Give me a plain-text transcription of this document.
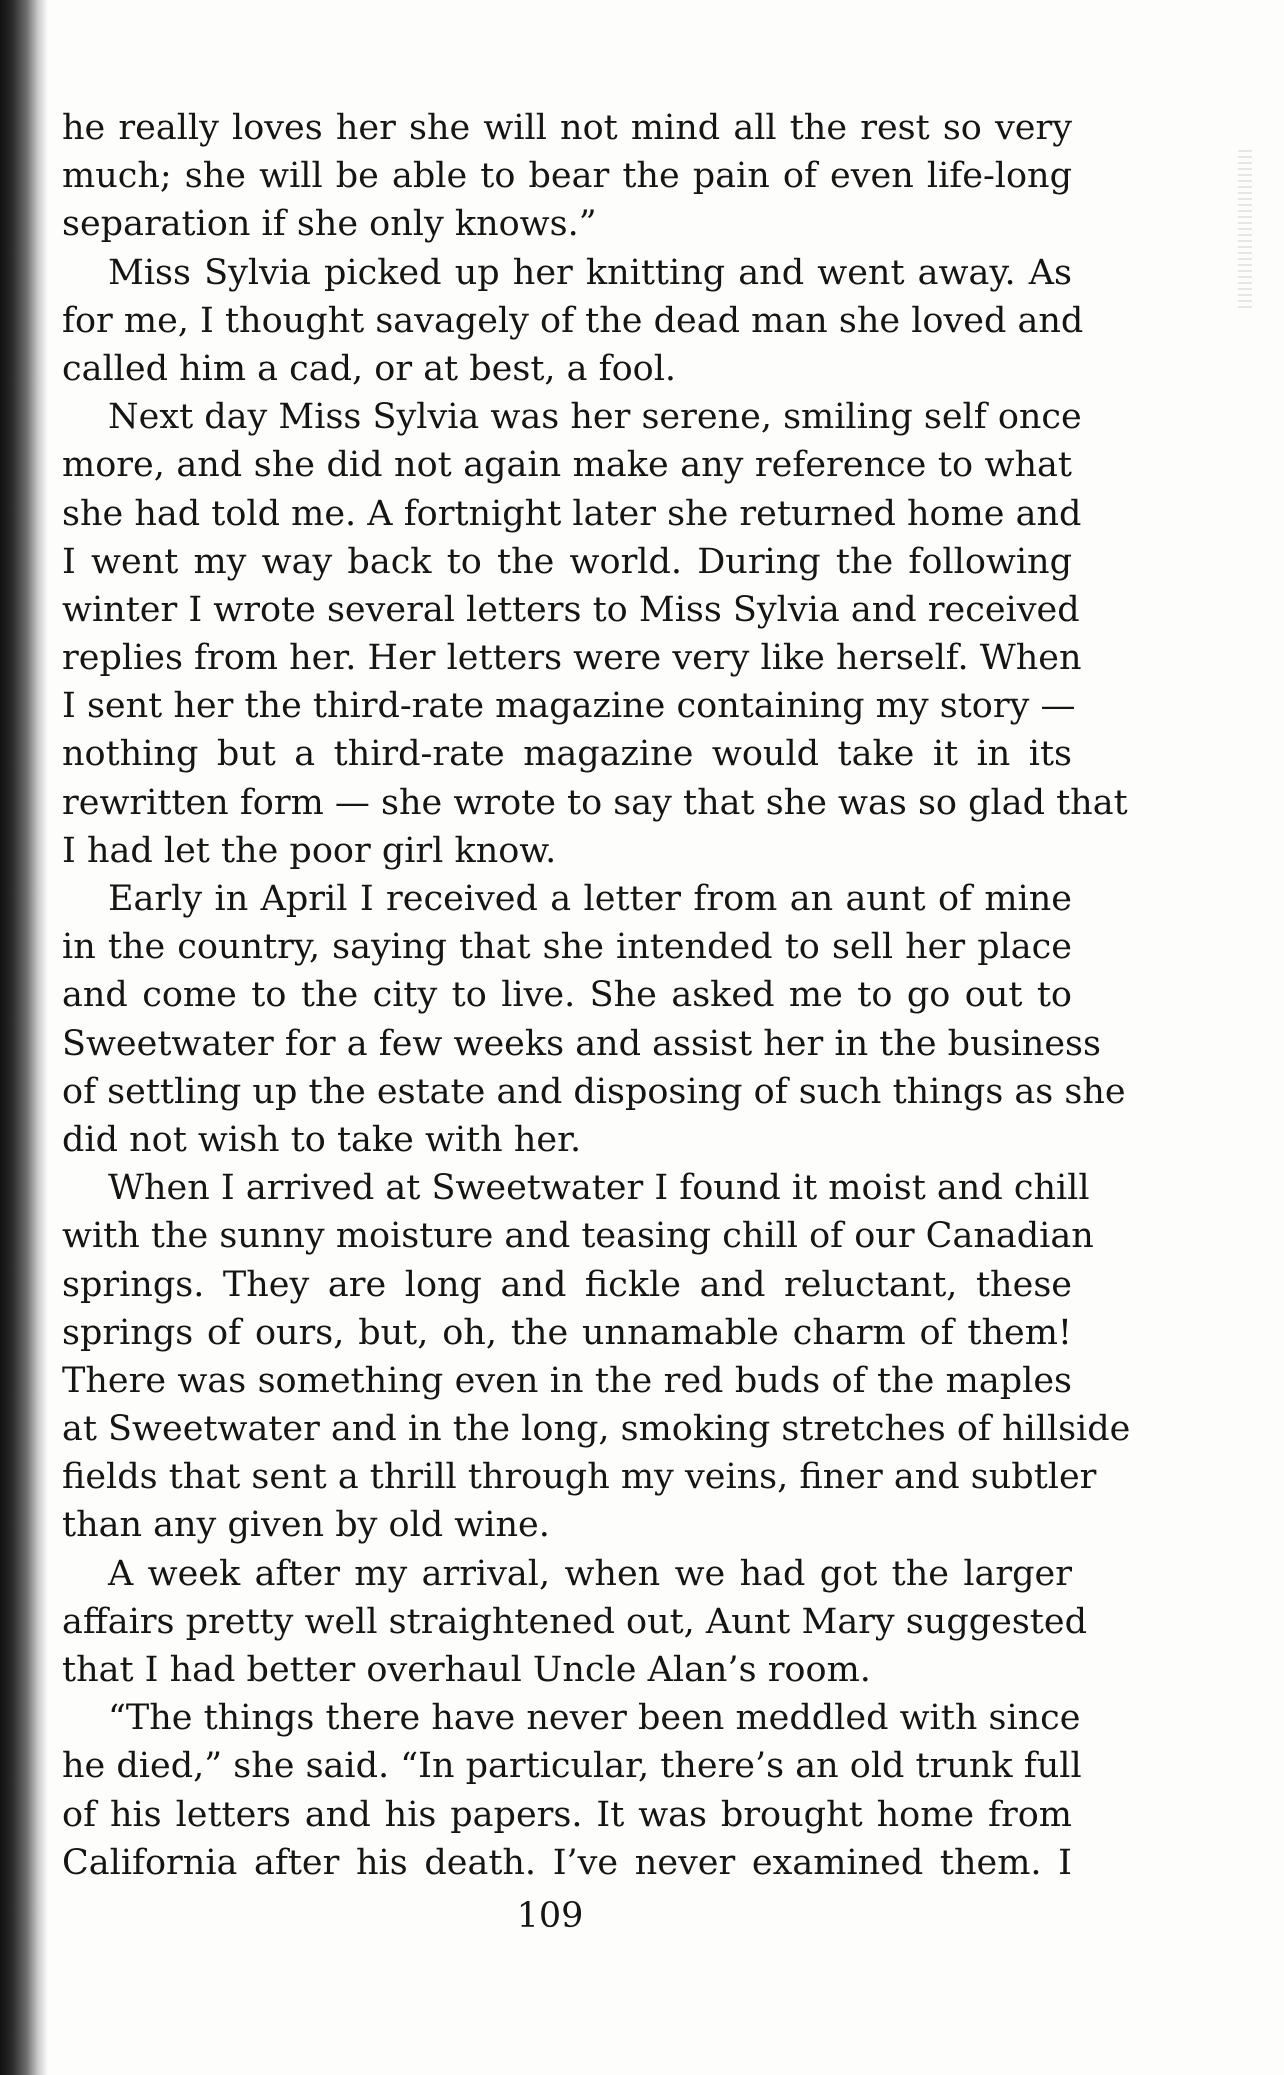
he really loves her she will not mind all the rest so very
much; she will be able to bear the pain of even life-long
separation if she only knows.”
Miss Sylvia picked up her knitting and went away. As
for me, I thought savagely of the dead man she loved and
called him a cad, or at best, a fool.
Next day Miss Sylvia was her serene, smiling self once
more, and she did not again make any reference to what
she had told me. A fortnight later she returned home and
I went my way back to the world. During the following
winter I wrote several letters to Miss Sylvia and received
replies from her. Her letters were very like herself. When
I sent her the third-rate magazine containing my story —
nothing but a third-rate magazine would take it in its
rewritten form — she wrote to say that she was so glad that
I had let the poor girl know.
Early in April I received a letter from an aunt of mine
in the country, saying that she intended to sell her place
and come to the city to live. She asked me to go out to
Sweetwater for a few weeks and assist her in the business
of settling up the estate and disposing of such things as she
did not wish to take with her.
When I arrived at Sweetwater I found it moist and chill
with the sunny moisture and teasing chill of our Canadian
springs. They are long and fickle and reluctant, these
springs of ours, but, oh, the unnamable charm of them!
There was something even in the red buds of the maples
at Sweetwater and in the long, smoking stretches of hillside
fields that sent a thrill through my veins, finer and subtler
than any given by old wine.
A week after my arrival, when we had got the larger
affairs pretty well straightened out, Aunt Mary suggested
that I had better overhaul Uncle Alan’s room.
“The things there have never been meddled with since
he died,” she said. “In particular, there’s an old trunk full
of his letters and his papers. It was brought home from
California after his death. I’ve never examined them. I
109
